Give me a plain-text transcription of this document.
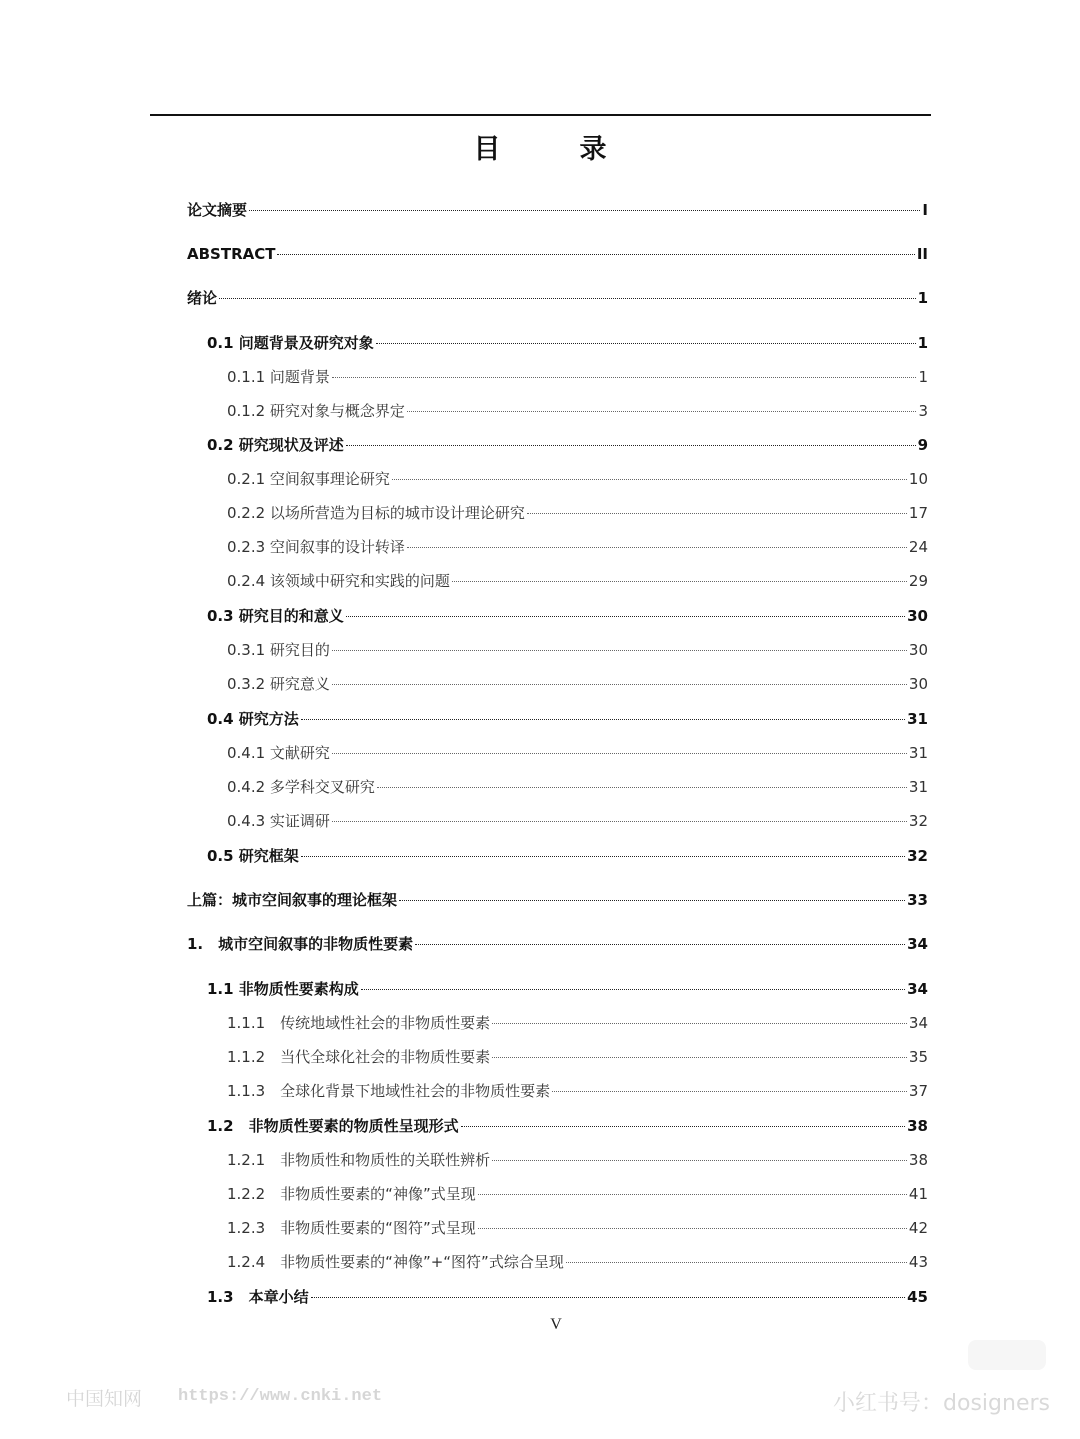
目　录
论文摘要	I
ABSTRACT	II
绪论	1
0.1 问题背景及研究对象	1
0.1.1 问题背景	1
0.1.2 研究对象与概念界定	3
0.2 研究现状及评述	9
0.2.1 空间叙事理论研究	10
0.2.2 以场所营造为目标的城市设计理论研究	17
0.2.3 空间叙事的设计转译	24
0.2.4 该领域中研究和实践的问题	29
0.3 研究目的和意义	30
0.3.1 研究目的	30
0.3.2 研究意义	30
0.4 研究方法	31
0.4.1 文献研究	31
0.4.2 多学科交叉研究	31
0.4.3 实证调研	32
0.5 研究框架	32
上篇：城市空间叙事的理论框架	33
1.　城市空间叙事的非物质性要素	34
1.1 非物质性要素构成	34
1.1.1　传统地域性社会的非物质性要素	34
1.1.2　当代全球化社会的非物质性要素	35
1.1.3　全球化背景下地域性社会的非物质性要素	37
1.2　非物质性要素的物质性呈现形式	38
1.2.1　非物质性和物质性的关联性辨析	38
1.2.2　非物质性要素的“神像”式呈现	41
1.2.3　非物质性要素的“图符”式呈现	42
1.2.4　非物质性要素的“神像”+“图符”式综合呈现	43
1.3　本章小结	45
V
中国知网 https://www.cnki.net	小红书号：dosigners
